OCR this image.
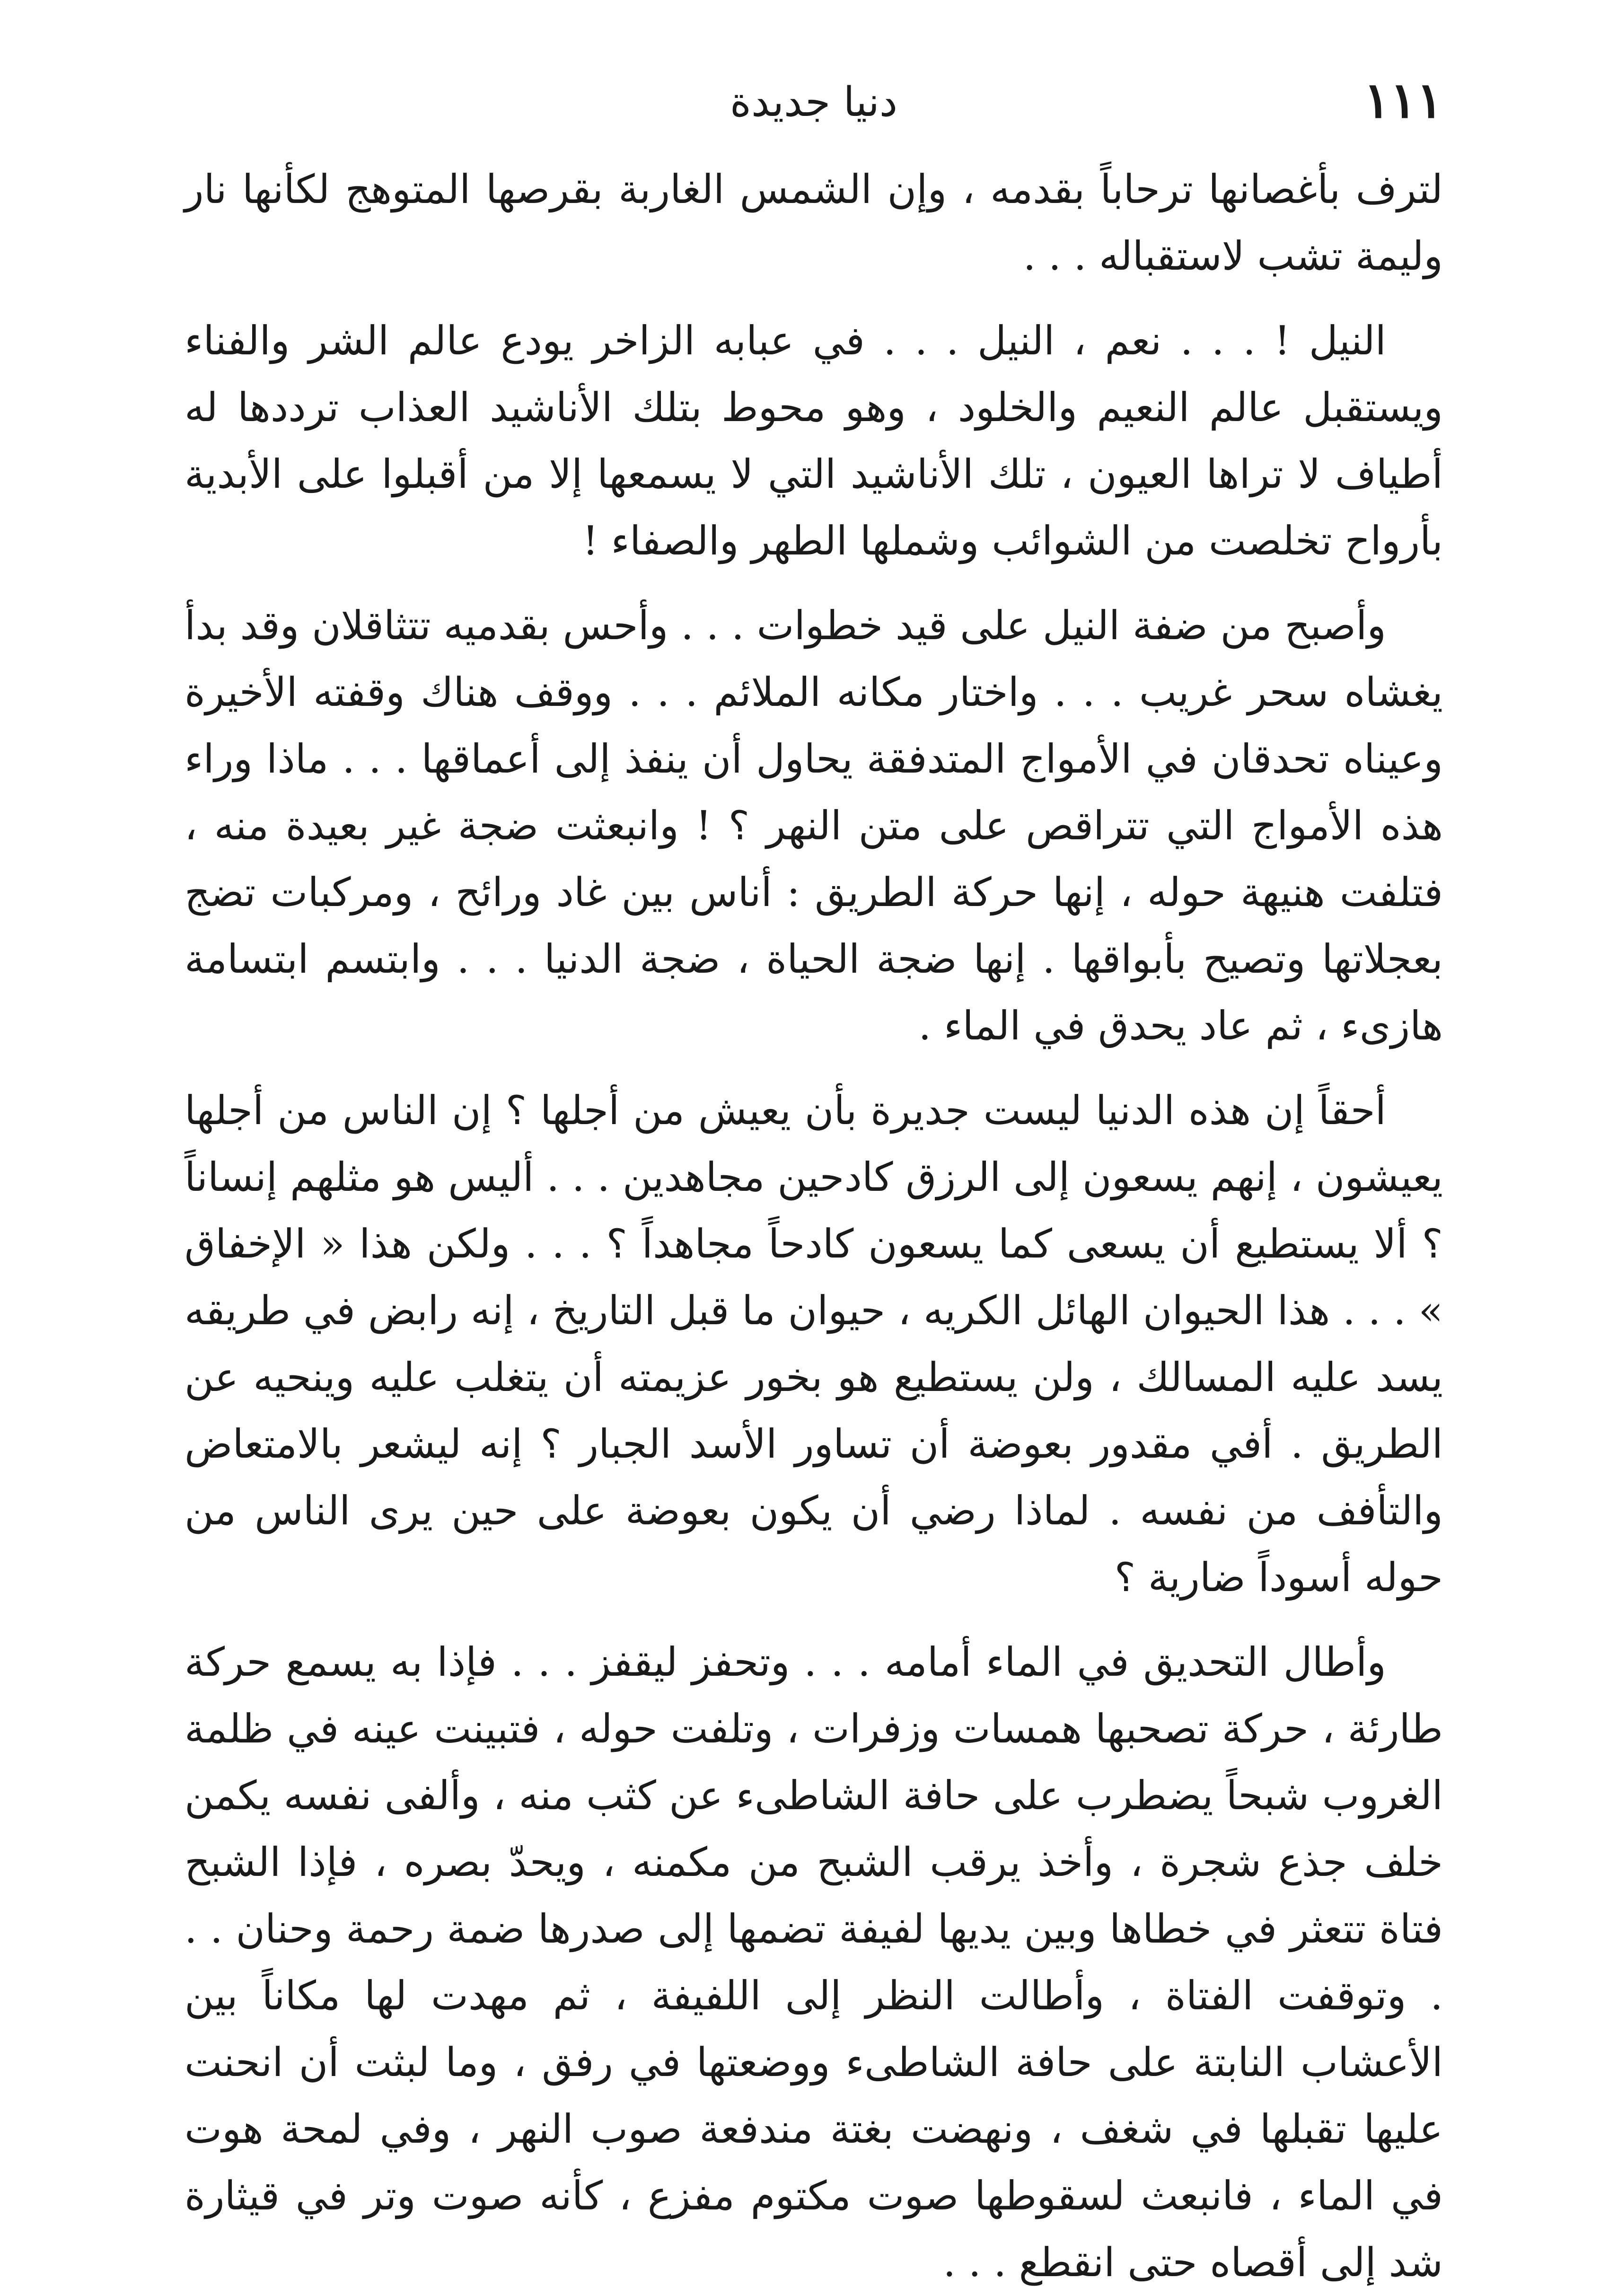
١١١
دنيا جديدة

لترف بأغصانها ترحاباً بقدمه ، وإن الشمس الغاربة بقرصها المتوهج لكأنها نار وليمة تشب لاستقباله . . .

النيل ! . . . نعم ، النيل . . . في عبابه الزاخر يودع عالم الشر والفناء ويستقبل عالم النعيم والخلود ، وهو محوط بتلك الأناشيد العذاب ترددها له أطياف لا تراها العيون ، تلك الأناشيد التي لا يسمعها إلا من أقبلوا على الأبدية بأرواح تخلصت من الشوائب وشملها الطهر والصفاء !

وأصبح من ضفة النيل على قيد خطوات . . . وأحس بقدميه تتثاقلان وقد بدأ يغشاه سحر غريب . . . واختار مكانه الملائم . . . ووقف هناك وقفته الأخيرة وعيناه تحدقان في الأمواج المتدفقة يحاول أن ينفذ إلى أعماقها . . . ماذا وراء هذه الأمواج التي تتراقص على متن النهر ؟ ! وانبعثت ضجة غير بعيدة منه ، فتلفت هنيهة حوله ، إنها حركة الطريق : أناس بين غاد ورائح ، ومركبات تضج بعجلاتها وتصيح بأبواقها . إنها ضجة الحياة ، ضجة الدنيا . . . وابتسم ابتسامة هازىء ، ثم عاد يحدق في الماء .

أحقاً إن هذه الدنيا ليست جديرة بأن يعيش من أجلها ؟ إن الناس من أجلها يعيشون ، إنهم يسعون إلى الرزق كادحين مجاهدين . . . أليس هو مثلهم إنساناً ؟ ألا يستطيع أن يسعى كما يسعون كادحاً مجاهداً ؟ . . . ولكن هذا « الإخفاق » . . . هذا الحيوان الهائل الكريه ، حيوان ما قبل التاريخ ، إنه رابض في طريقه يسد عليه المسالك ، ولن يستطيع هو بخور عزيمته أن يتغلب عليه وينحيه عن الطريق . أفي مقدور بعوضة أن تساور الأسد الجبار ؟ إنه ليشعر بالامتعاض والتأفف من نفسه . لماذا رضي أن يكون بعوضة على حين يرى الناس من حوله أسوداً ضارية ؟

وأطال التحديق في الماء أمامه . . . وتحفز ليقفز . . . فإذا به يسمع حركة طارئة ، حركة تصحبها همسات وزفرات ، وتلفت حوله ، فتبينت عينه في ظلمة الغروب شبحاً يضطرب على حافة الشاطىء عن كثب منه ، وألفى نفسه يكمن خلف جذع شجرة ، وأخذ يرقب الشبح من مكمنه ، ويحدّ بصره ، فإذا الشبح فتاة تتعثر في خطاها وبين يديها لفيفة تضمها إلى صدرها ضمة رحمة وحنان . . . وتوقفت الفتاة ، وأطالت النظر إلى اللفيفة ، ثم مهدت لها مكاناً بين الأعشاب النابتة على حافة الشاطىء ووضعتها في رفق ، وما لبثت أن انحنت عليها تقبلها في شغف ، ونهضت بغتة مندفعة صوب النهر ، وفي لمحة هوت في الماء ، فانبعث لسقوطها صوت مكتوم مفزع ، كأنه صوت وتر في قيثارة شد إلى أقصاه حتى انقطع . . .
